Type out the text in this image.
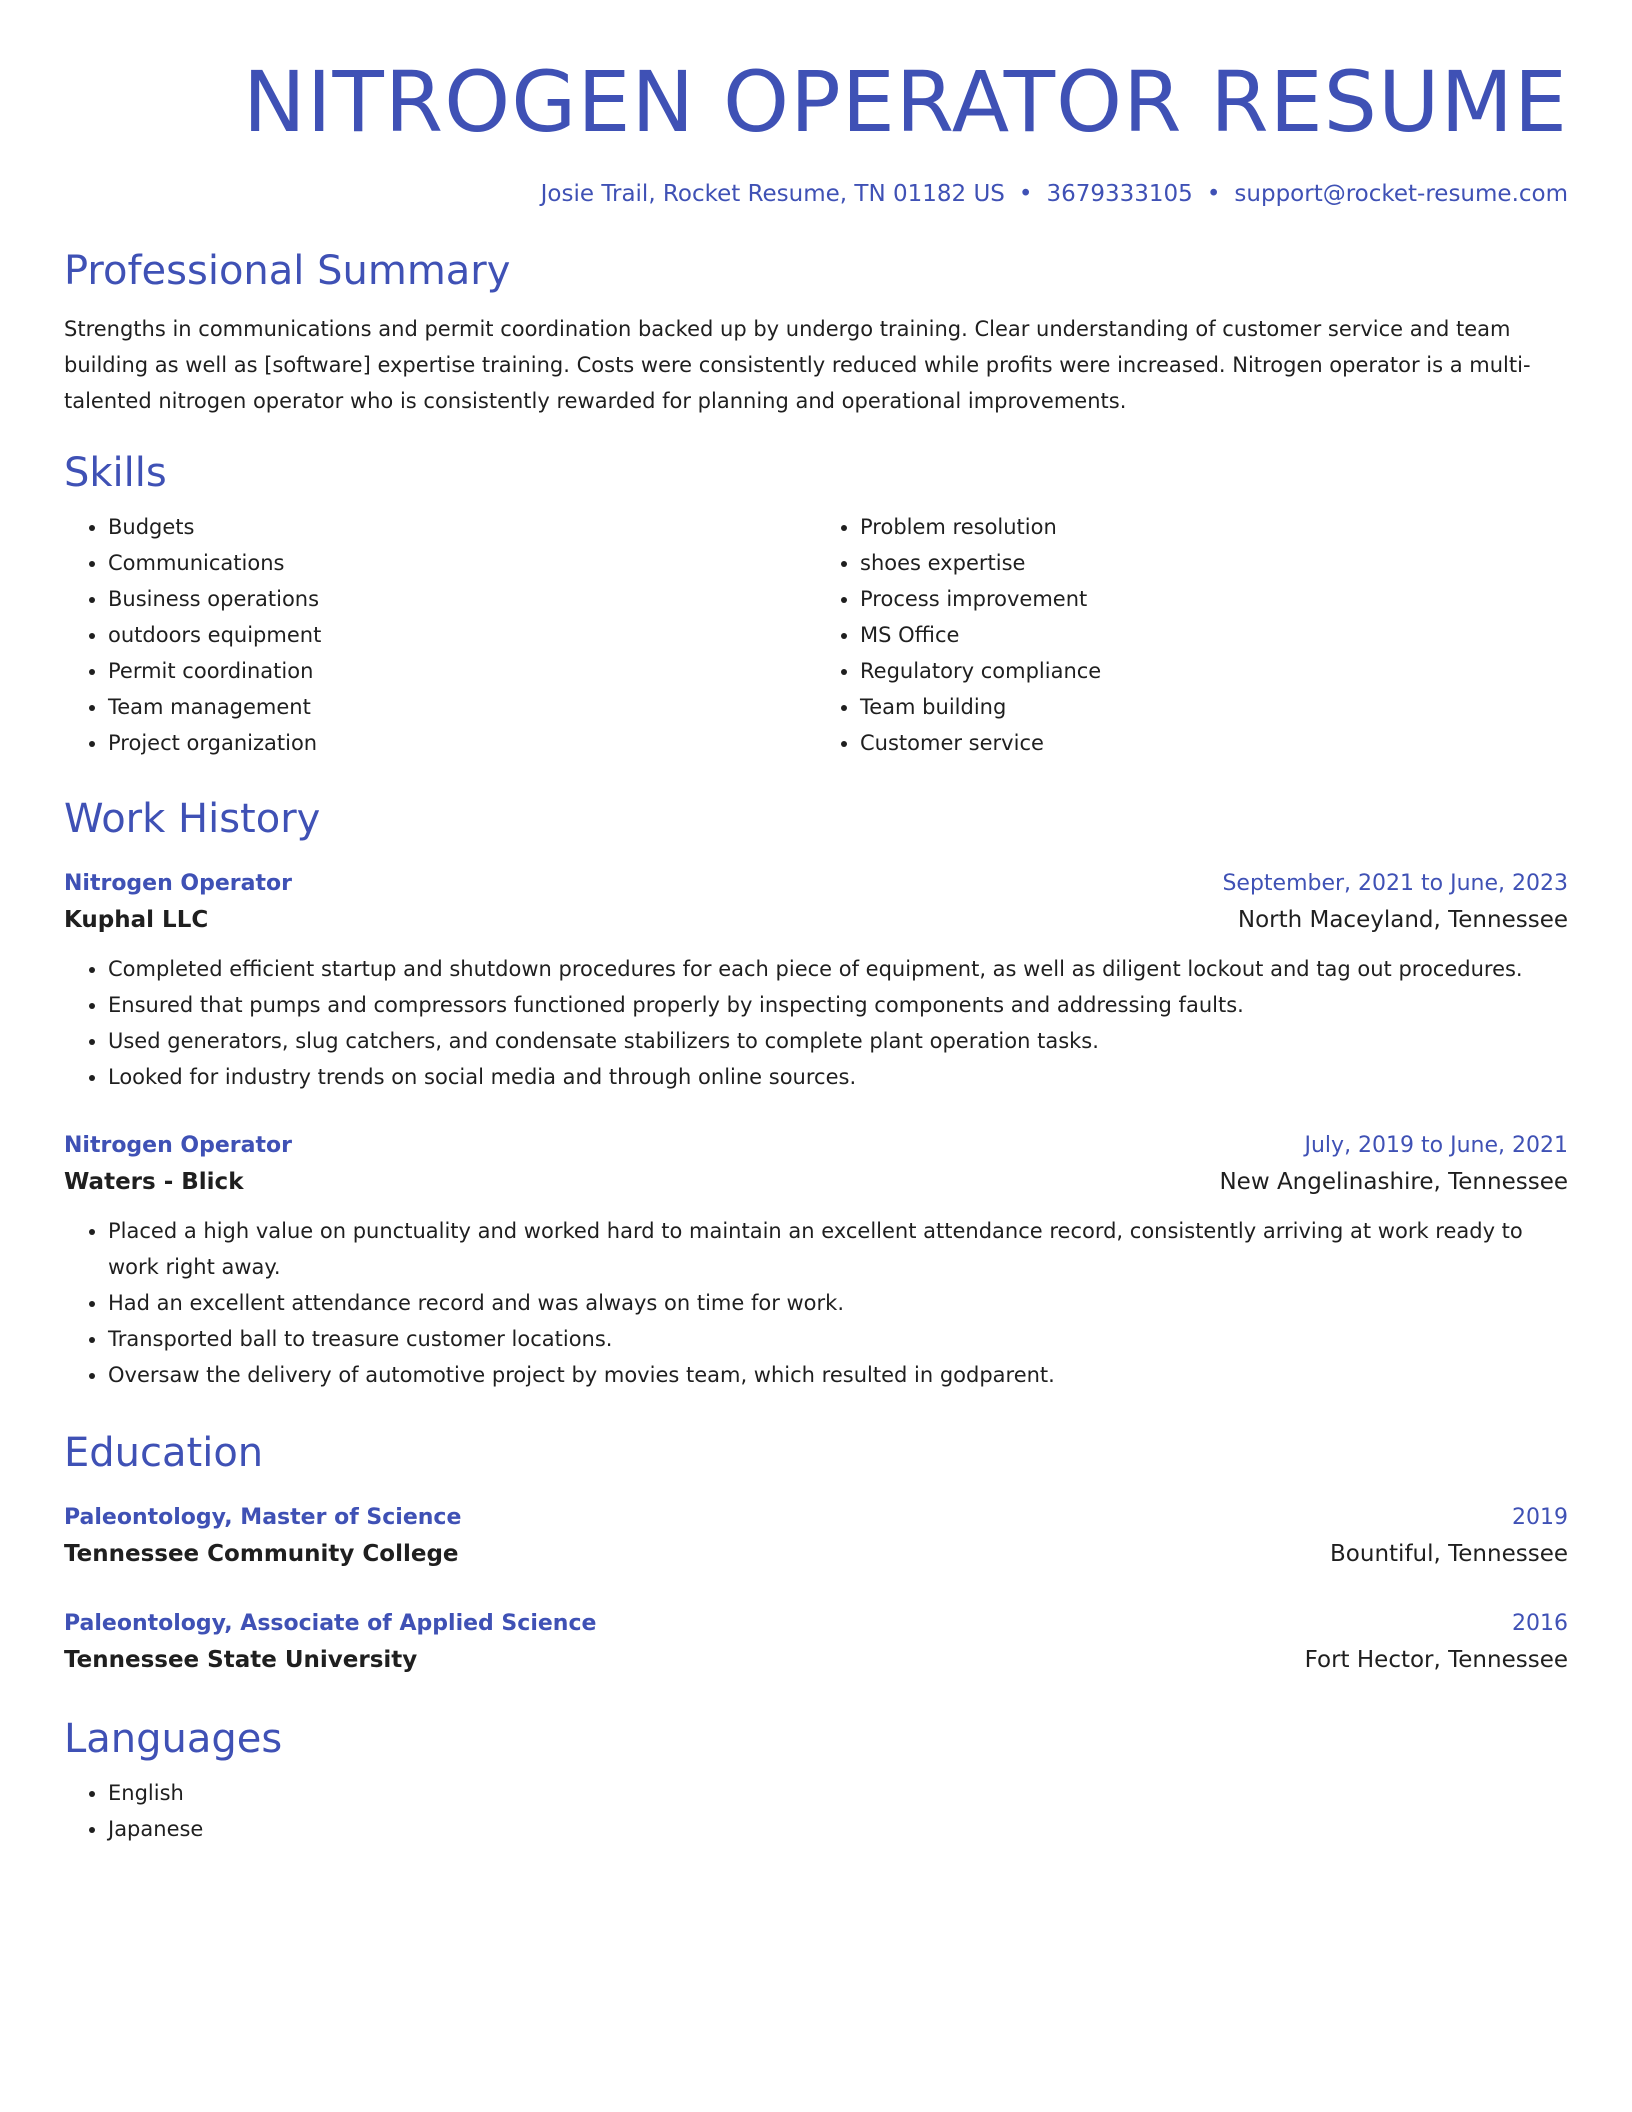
NITROGEN OPERATOR RESUME
Josie Trail, Rocket Resume, TN 01182 US • 3679333105 • support@rocket-resume.com
Professional Summary

Strengths in communications and permit coordination backed up by undergo training. Clear understanding of customer service and team building as well as [software] expertise training. Costs were consistently reduced while profits were increased. Nitrogen operator is a multi-talented nitrogen operator who is consistently rewarded for planning and operational improvements.

Skills
• Budgets
• Communications
• Business operations
• outdoors equipment
• Permit coordination
• Team management
• Project organization
• Problem resolution
• shoes expertise
• Process improvement
• MS Office
• Regulatory compliance
• Team building
• Customer service
Work History
Nitrogen Operator	September, 2021 to June, 2023
Kuphal LLC	North Maceyland, Tennessee
• Completed efficient startup and shutdown procedures for each piece of equipment, as well as diligent lockout and tag out procedures.
• Ensured that pumps and compressors functioned properly by inspecting components and addressing faults.
• Used generators, slug catchers, and condensate stabilizers to complete plant operation tasks.
• Looked for industry trends on social media and through online sources.
Nitrogen Operator	July, 2019 to June, 2021
Waters - Blick	New Angelinashire, Tennessee
• Placed a high value on punctuality and worked hard to maintain an excellent attendance record, consistently arriving at work ready to work right away.
• Had an excellent attendance record and was always on time for work.
• Transported ball to treasure customer locations.
• Oversaw the delivery of automotive project by movies team, which resulted in godparent.
Education
Paleontology, Master of Science	2019
Tennessee Community College	Bountiful, Tennessee
Paleontology, Associate of Applied Science	2016
Tennessee State University	Fort Hector, Tennessee
Languages
• English
• Japanese
